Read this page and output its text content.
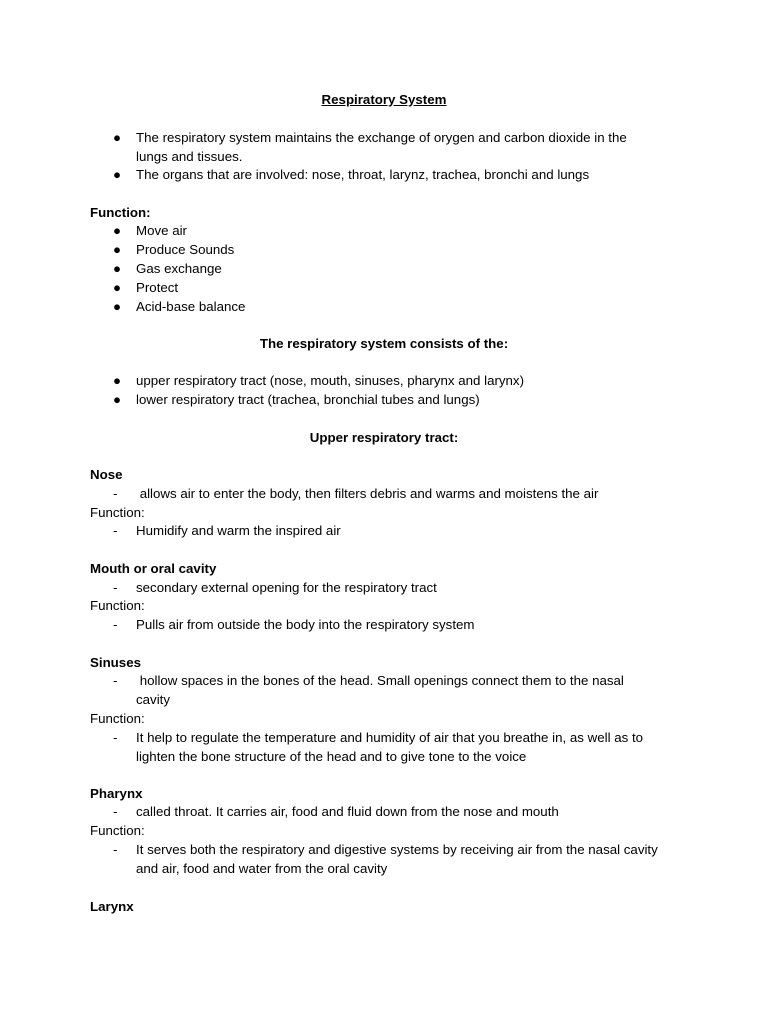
Respiratory System
● The respiratory system maintains the exchange of orygen and carbon dioxide in the
lungs and tissues.
● The organs that are involved: nose, throat, larynz, trachea, bronchi and lungs
Function:
● Move air
● Produce Sounds
● Gas exchange
● Protect
● Acid-base balance
The respiratory system consists of the:
● upper respiratory tract (nose, mouth, sinuses, pharynx and larynx)
● lower respiratory tract (trachea, bronchial tubes and lungs)
Upper respiratory tract:
Nose
- allows air to enter the body, then filters debris and warms and moistens the air
Function:
- Humidify and warm the inspired air
Mouth or oral cavity
- secondary external opening for the respiratory tract
Function:
- Pulls air from outside the body into the respiratory system
Sinuses
- hollow spaces in the bones of the head. Small openings connect them to the nasal
cavity
Function:
- It help to regulate the temperature and humidity of air that you breathe in, as well as to
lighten the bone structure of the head and to give tone to the voice
Pharynx
- called throat. It carries air, food and fluid down from the nose and mouth
Function:
- It serves both the respiratory and digestive systems by receiving air from the nasal cavity
and air, food and water from the oral cavity
Larynx
